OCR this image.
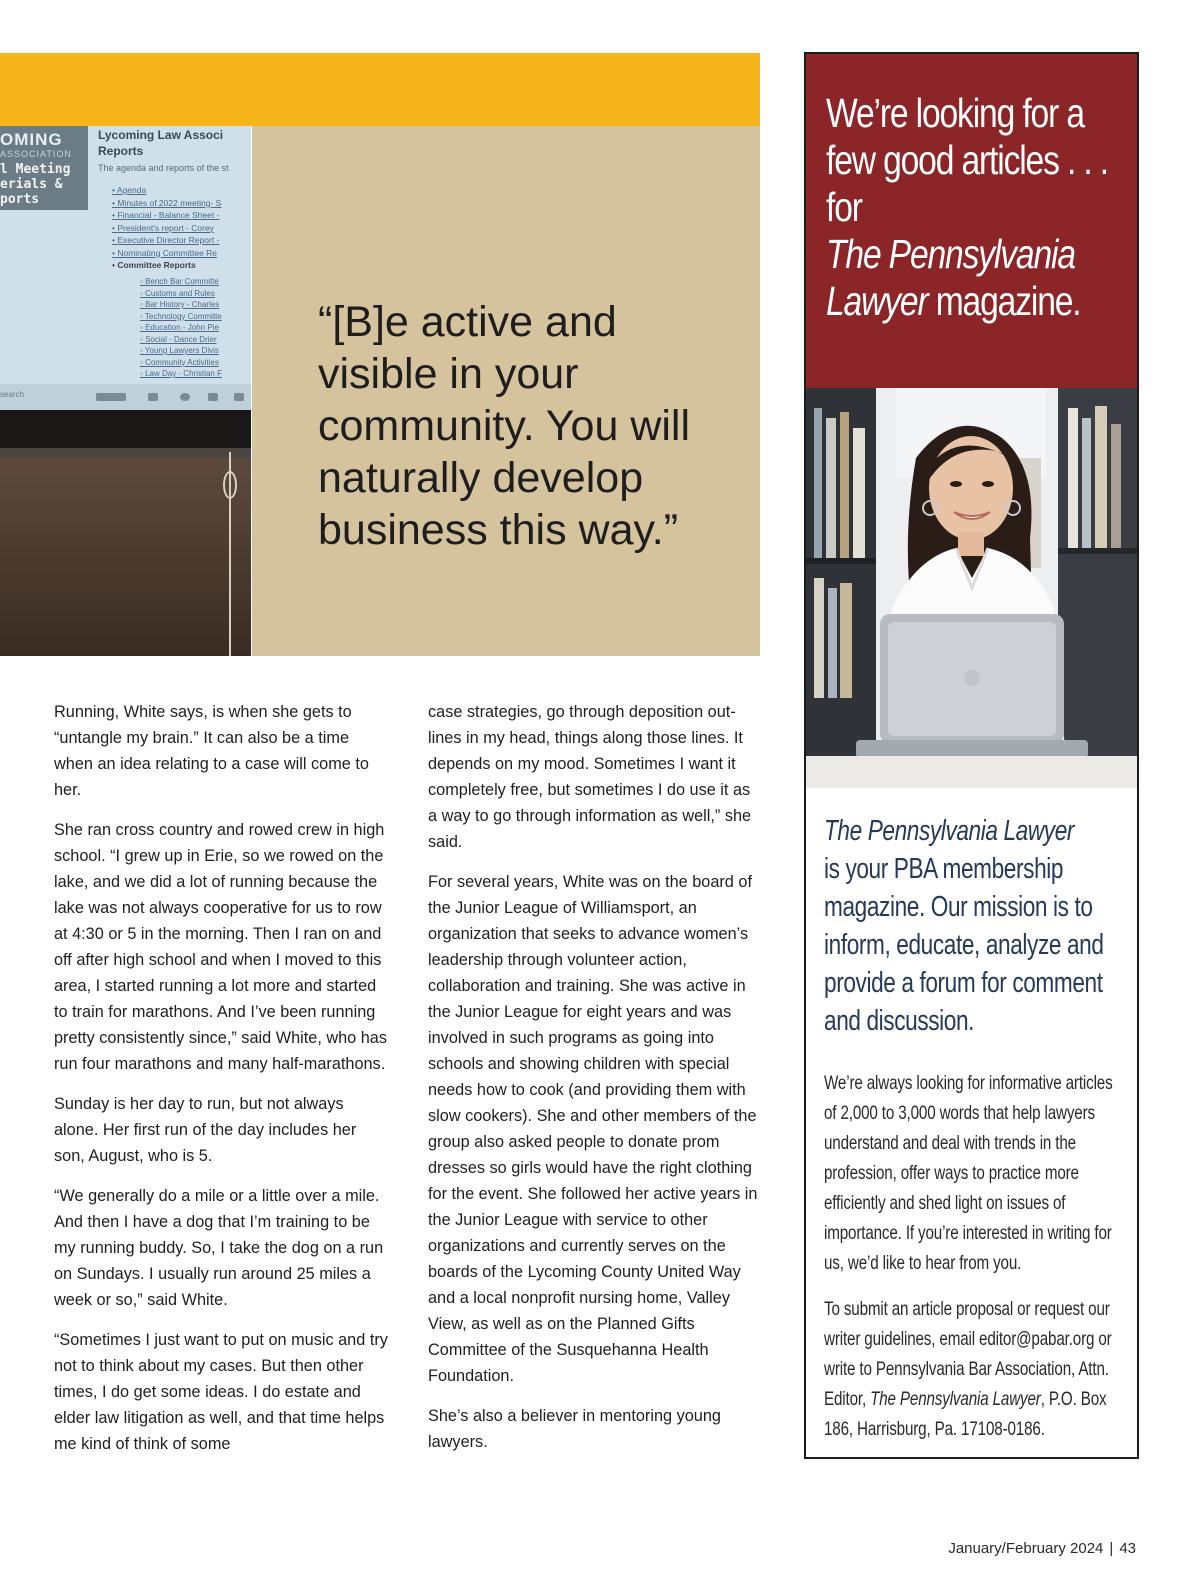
OMING
ASSOCIATION
l Meeting
erials &
ports
Lycoming Law Associ
Reports
The agenda and reports of the st
• Agenda
• Minutes of 2022 meeting- S
• Financial - Balance Sheet -
• President's report - Corey
• Executive Director Report -
• Nominating Committee Re
• Committee Reports
◦ Bench Bar Committe
◦ Customs and Rules
◦ Bar History - Charles
◦ Technology Committe
◦ Education - John Pie
◦ Social - Dance Drier
◦ Young Lawyers Divis
◦ Community Activities
◦ Law Day - Christian F
search

“[B]e active and visible in your community. You will naturally develop business this way.”

Running, White says, is when she gets to “untangle my brain.” It can also be a time when an idea relating to a case will come to her.

She ran cross country and rowed crew in high school. “I grew up in Erie, so we rowed on the lake, and we did a lot of running because the lake was not always cooperative for us to row at 4:30 or 5 in the morning. Then I ran on and off after high school and when I moved to this area, I started running a lot more and started to train for marathons. And I’ve been running pretty consistently since,” said White, who has run four marathons and many half-marathons.

Sunday is her day to run, but not always alone. Her first run of the day includes her son, August, who is 5.

“We generally do a mile or a little over a mile. And then I have a dog that I’m training to be my running buddy. So, I take the dog on a run on Sundays. I usually run around 25 miles a week or so,” said White.

“Sometimes I just want to put on music and try not to think about my cases. But then other times, I do get some ideas. I do estate and elder law litigation as well, and that time helps me kind of think of some

case strategies, go through deposition outlines in my head, things along those lines. It depends on my mood. Sometimes I want it completely free, but sometimes I do use it as a way to go through information as well,” she said.

For several years, White was on the board of the Junior League of Williamsport, an organization that seeks to advance women’s leadership through volunteer action, collaboration and training. She was active in the Junior League for eight years and was involved in such programs as going into schools and showing children with special needs how to cook (and providing them with slow cookers). She and other members of the group also asked people to donate prom dresses so girls would have the right clothing for the event. She followed her active years in the Junior League with service to other organizations and currently serves on the boards of the Lycoming County United Way and a local nonprofit nursing home, Valley View, as well as on the Planned Gifts Committee of the Susquehanna Health Foundation.

She’s also a believer in mentoring young lawyers.

We’re looking for a few good articles . . . for
The Pennsylvania Lawyer magazine.

The Pennsylvania Lawyer
is your PBA membership magazine. Our mission is to inform, educate, analyze and provide a forum for comment and discussion.

We’re always looking for informative articles of 2,000 to 3,000 words that help lawyers understand and deal with trends in the profession, offer ways to practice more efficiently and shed light on issues of importance. If you’re interested in writing for us, we’d like to hear from you.

To submit an article proposal or request our writer guidelines, email editor@pabar.org or write to Pennsylvania Bar Association, Attn. Editor, The Pennsylvania Lawyer, P.O. Box 186, Harrisburg, Pa. 17108-0186.

January/February 2024 | 43
